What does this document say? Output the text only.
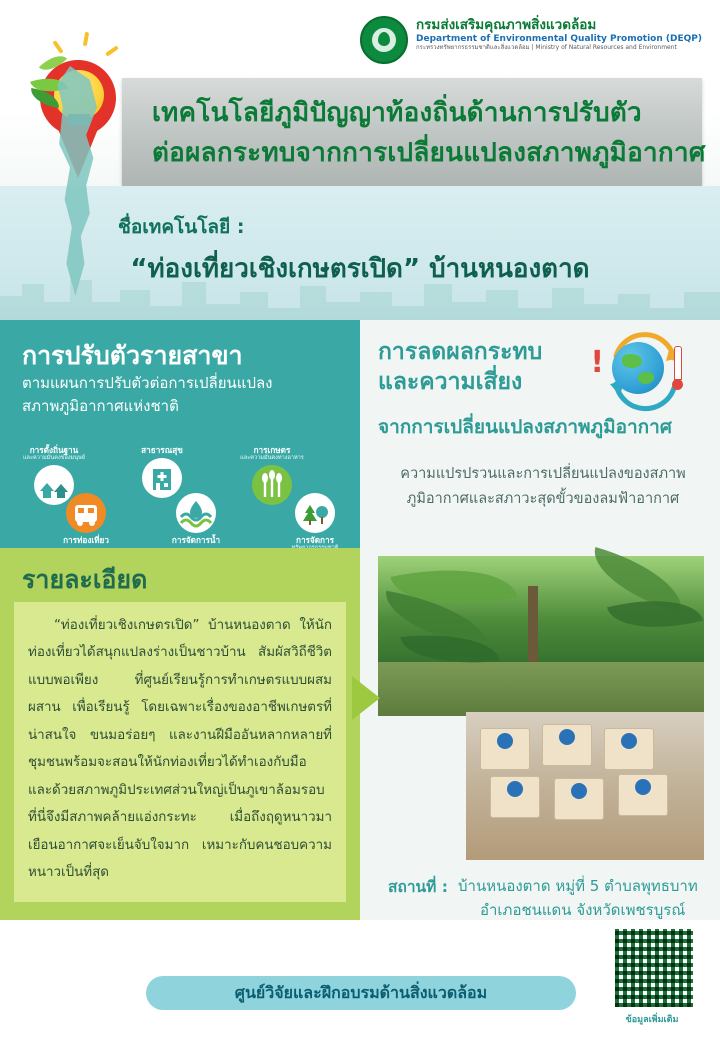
กรมส่งเสริมคุณภาพสิ่งแวดล้อม
Department of Environmental Quality Promotion (DEQP)
กระทรวงทรัพยากรธรรมชาติและสิ่งแวดล้อม | Ministry of Natural Resources and Environment
เทคโนโลยีภูมิปัญญาท้องถิ่นด้านการปรับตัว
ต่อผลกระทบจากการเปลี่ยนแปลงสภาพภูมิอากาศ
ชื่อเทคโนโลยี :
“ท่องเที่ยวเชิงเกษตรเปิด” บ้านหนองตาด
การปรับตัวรายสาขา
ตามแผนการปรับตัวต่อการเปลี่ยนแปลง
สภาพภูมิอากาศแห่งชาติ
การตั้งถิ่นฐาน
และความมั่นคงของมนุษย์
การท่องเที่ยว
สาธารณสุข
การจัดการน้ำ
การเกษตร
และความมั่นคงทางอาหาร
การจัดการ
!
การลดผลกระทบ
และความเสี่ยง
จากการเปลี่ยนแปลงสภาพภูมิอากาศ
ความแปรปรวนและการเปลี่ยนแปลงของสภาพ
ภูมิอากาศและสภาวะสุดขั้วของลมฟ้าอากาศ
รายละเอียด

“ท่องเที่ยวเชิงเกษตรเปิด” บ้านหนองตาด ให้นักท่องเที่ยวได้สนุกแปลงร่างเป็นชาวบ้าน สัมผัสวิถีชีวิตแบบพอเพียง ที่ศูนย์เรียนรู้การทำเกษตรแบบผสมผสาน เพื่อเรียนรู้ โดยเฉพาะเรื่องของอาชีพเกษตรที่น่าสนใจ ขนมอร่อยๆ และงานฝีมืออันหลากหลายที่ชุมชนพร้อมจะสอนให้นักท่องเที่ยวได้ทำเองกับมือ และด้วยสภาพภูมิประเทศส่วนใหญ่เป็นภูเขาล้อมรอบ ที่นี่จึงมีสภาพคล้ายแอ่งกระทะ เมื่อถึงฤดูหนาวมาเยือนอากาศจะเย็นจับใจมาก เหมาะกับคนชอบความหนาวเป็นที่สุด

สถานที่ : บ้านหนองตาด หมู่ที่ 5 ตำบลพุทธบาท
อำเภอชนแดน จังหวัดเพชรบูรณ์
ศูนย์วิจัยและฝึกอบรมด้านสิ่งแวดล้อม
ข้อมูลเพิ่มเติม
